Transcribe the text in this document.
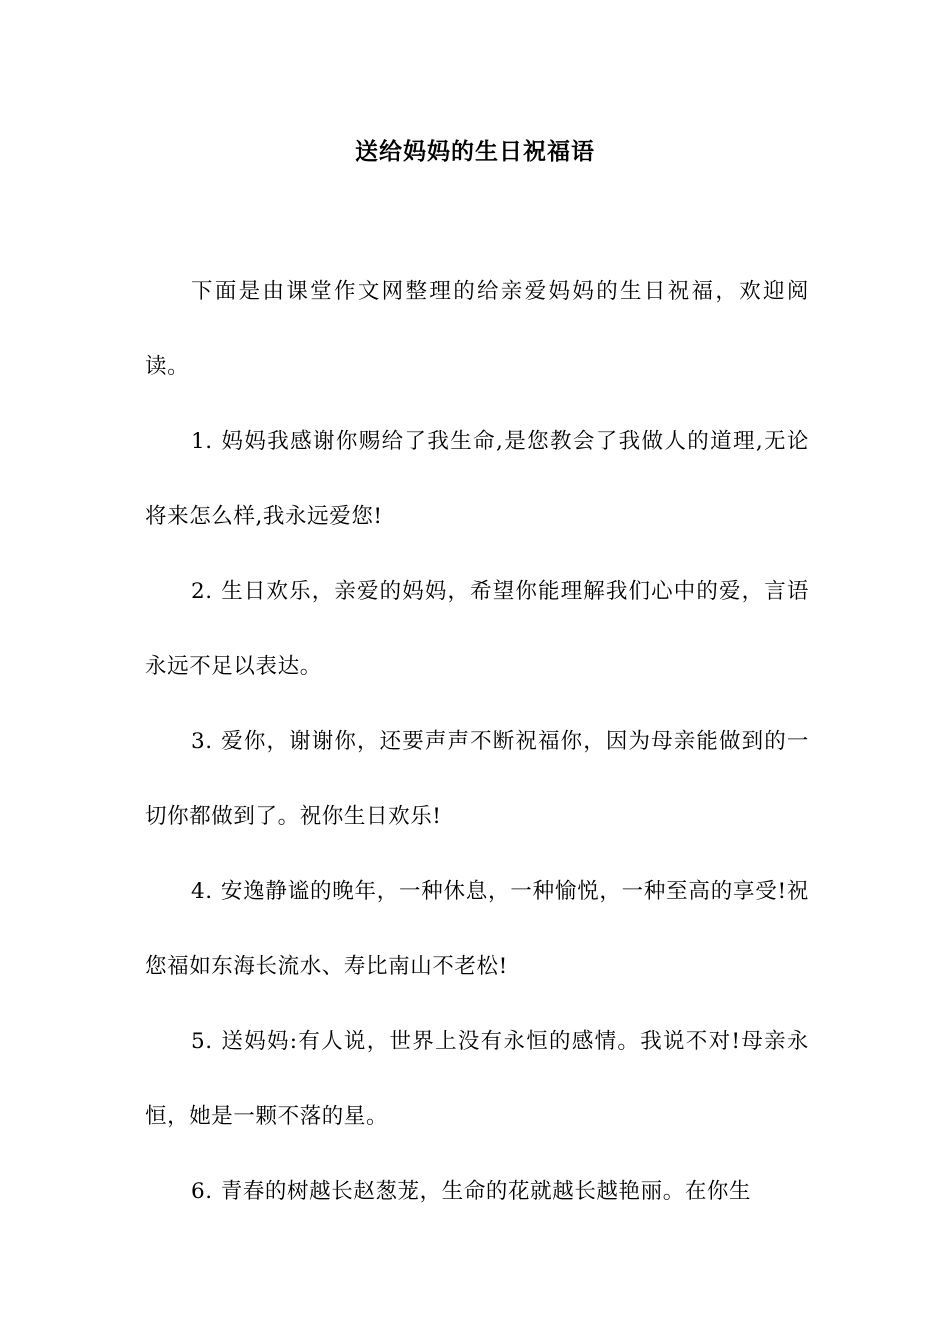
送给妈妈的生日祝福语

下面是由课堂作文网整理的给亲爱妈妈的生日祝福，欢迎阅读。

1. 妈妈我感谢你赐给了我生命,是您教会了我做人的道理,无论将来怎么样,我永远爱您!

2. 生日欢乐，亲爱的妈妈，希望你能理解我们心中的爱，言语永远不足以表达。

3. 爱你，谢谢你，还要声声不断祝福你，因为母亲能做到的一切你都做到了。祝你生日欢乐!

4. 安逸静谧的晚年，一种休息，一种愉悦，一种至高的享受!祝您福如东海长流水、寿比南山不老松!

5. 送妈妈:有人说，世界上没有永恒的感情。我说不对!母亲永恒，她是一颗不落的星。

6. 青春的树越长赵葱茏，生命的花就越长越艳丽。在你生
